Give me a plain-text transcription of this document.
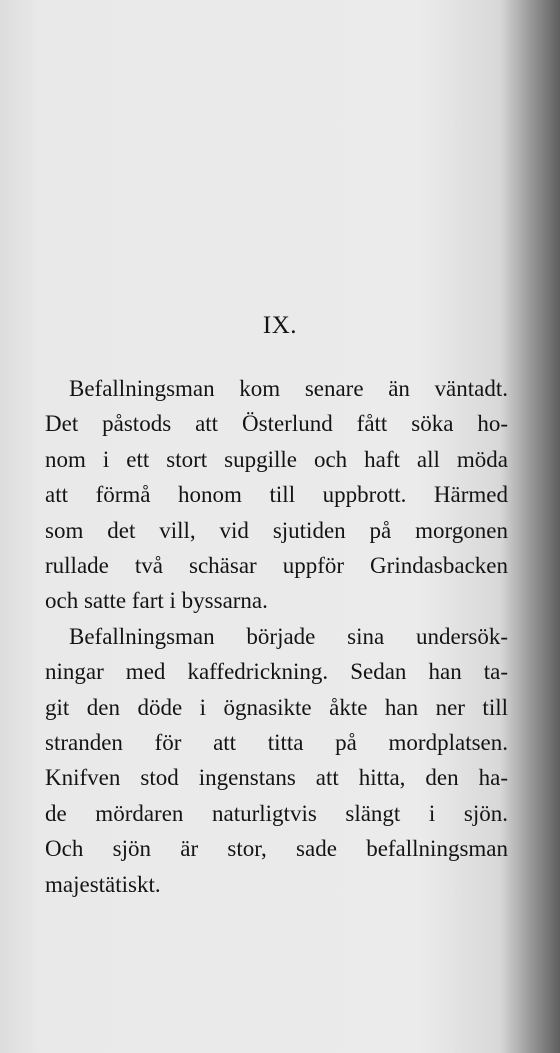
IX.

Befallningsman kom senare än väntadt.
Det påstods att Österlund fått söka ho-
nom i ett stort supgille och haft all möda
att förmå honom till uppbrott. Härmed
som det vill, vid sjutiden på morgonen
rullade två schäsar uppför Grindasbacken
och satte fart i byssarna.

Befallningsman började sina undersök-
ningar med kaffedrickning. Sedan han ta-
git den döde i ögnasikte åkte han ner till
stranden för att titta på mordplatsen.
Knifven stod ingenstans att hitta, den ha-
de mördaren naturligtvis slängt i sjön.
Och sjön är stor, sade befallningsman
majestätiskt.
